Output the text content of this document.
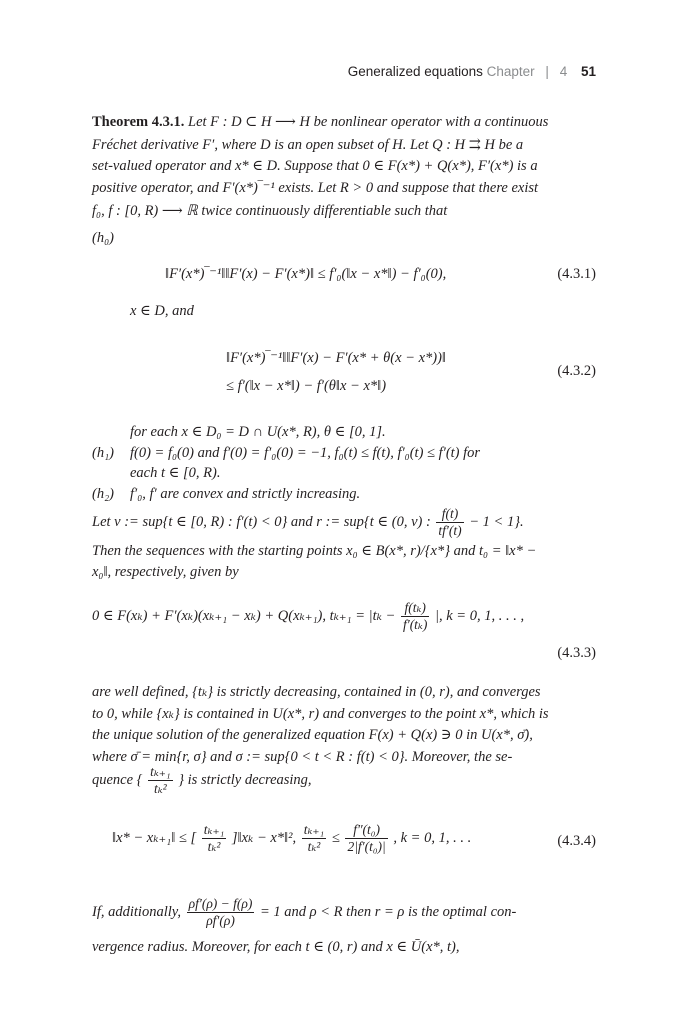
Generalized equations Chapter | 4 51
Theorem 4.3.1. Let F : D ⊂ H ⟶ H be nonlinear operator with a continuous
Fréchet derivative F′, where D is an open subset of H. Let Q : H ⇉ H be a
set-valued operator and x* ∈ D. Suppose that 0 ∈ F(x*) + Q(x*), F′(x*) is a
positive operator, and F′(x*)‾⁻¹ exists. Let R > 0 and suppose that there exist
f₀, f : [0, R) ⟶ ℝ twice continuously differentiable such that
(h₀)
‖F′(x*)‾⁻¹‖‖F′(x) − F′(x*)‖ ≤ f′₀(‖x − x*‖) − f′₀(0),	(4.3.1)
x ∈ D, and
‖F′(x*)‾⁻¹‖‖F′(x) − F′(x* + θ(x − x*))‖
≤ f′(‖x − x*‖) − f′(θ‖x − x*‖)
(4.3.2)
for each x ∈ D₀ = D ∩ U(x*, R), θ ∈ [0, 1].
(h₁) f(0) = f₀(0) and f′(0) = f′₀(0) = −1, f₀(t) ≤ f(t), f′₀(t) ≤ f′(t) for
each t ∈ [0, R).
(h₂) f′₀, f′ are convex and strictly increasing.
Let ν := sup{t ∈ [0, R) : f′(t) < 0} and r := sup{t ∈ (0, ν) : $\frac{f(t)}{tf'(t)} - 1 < 1$}.
Then the sequences with the starting points x₀ ∈ B(x*, r)/{x*} and t₀ = ‖x* −
x₀‖, respectively, given by
0 ∈ F(xₖ) + F′(xₖ)(xₖ₊₁ − xₖ) + Q(xₖ₊₁), $t_{k+1} = |t_k - \frac{\text{f(tₖ)}}{\text{f′(tₖ)}}$ |, k = 0, 1, . . . ,
(4.3.3)
are well defined, {tₖ} is strictly decreasing, contained in (0, r), and converges
to 0, while {xₖ} is contained in U(x*, r) and converges to the point x*, which is
the unique solution of the generalized equation F(x) + Q(x) ∋ 0 in U(x*, σ̄),
where σ̄ = min{r, σ} and σ := sup{0 < t < R : f(t) < 0}. Moreover, the se-
quence { $\frac{\text{tₖ₊₁}}{\text{tₖ²}}$ } is strictly decreasing,
‖x* − xₖ₊₁‖ ≤ [ $\frac{\text{tₖ₊₁}}{\text{tₖ²}}$ ]‖xₖ − x*‖², $\frac{\text{tₖ₊₁}}{\text{tₖ²}} \le \frac{\text{f″(t₀)}}{\text{2|f′(t₀)|}}$ , k = 0, 1, . . .	(4.3.4)
If, additionally, $\frac{\rho f'(\rho) - f(\rho)}{\rho f'(\rho)} = 1$ and ρ < R then r = ρ is the optimal con-
vergence radius. Moreover, for each t ∈ (0, r) and x ∈ Ū(x*, t),
